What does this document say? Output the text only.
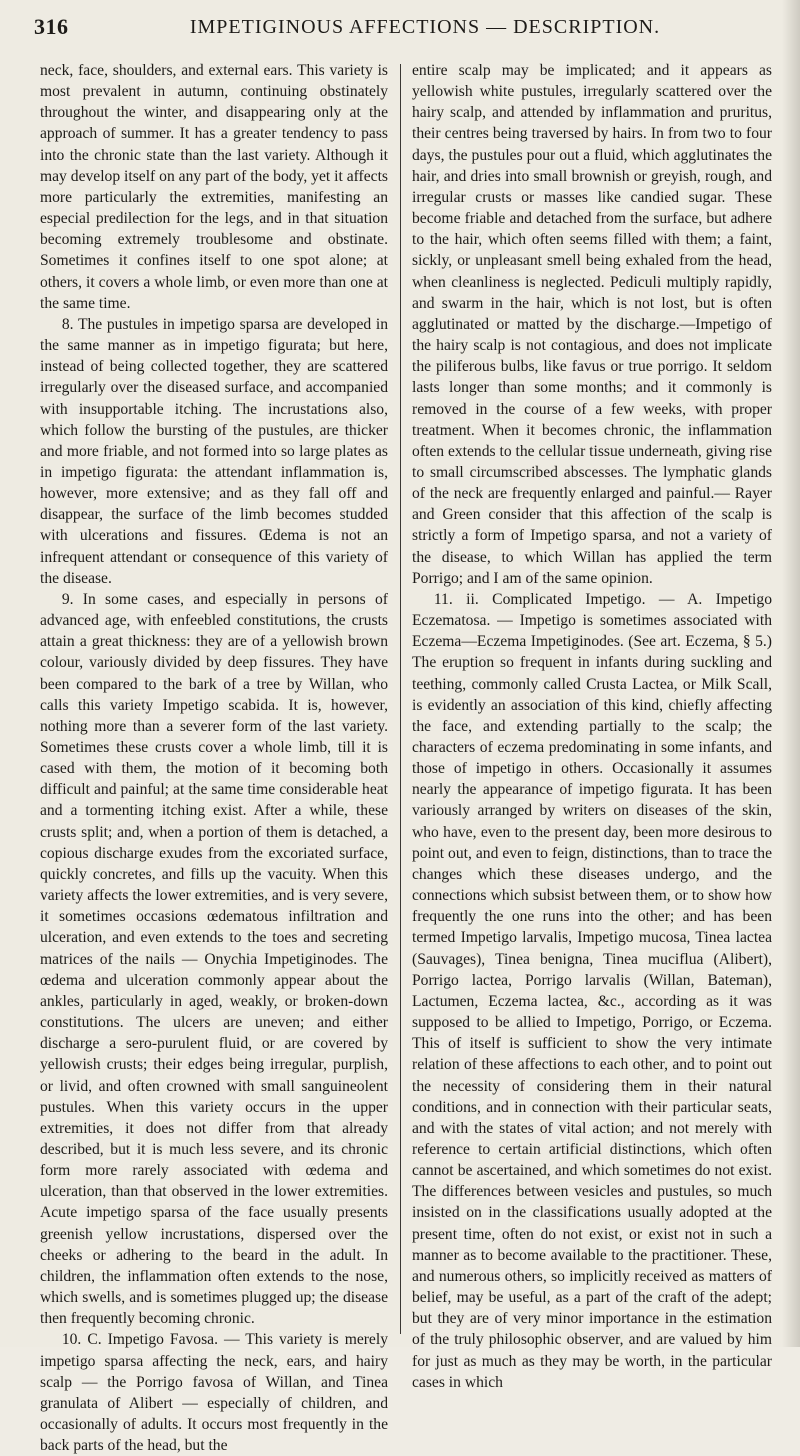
316	IMPETIGINOUS AFFECTIONS — DESCRIPTION.

neck, face, shoulders, and external ears. This variety is most prevalent in autumn, continuing obstinately throughout the winter, and disappearing only at the approach of summer. It has a greater tendency to pass into the chronic state than the last variety. Although it may develop itself on any part of the body, yet it affects more particularly the extremities, manifesting an especial predilection for the legs, and in that situation becoming extremely troublesome and obstinate. Sometimes it confines itself to one spot alone; at others, it covers a whole limb, or even more than one at the same time.

8. The pustules in impetigo sparsa are developed in the same manner as in impetigo figurata; but here, instead of being collected together, they are scattered irregularly over the diseased surface, and accompanied with insupportable itching. The incrustations also, which follow the bursting of the pustules, are thicker and more friable, and not formed into so large plates as in impetigo figurata: the attendant inflammation is, however, more extensive; and as they fall off and disappear, the surface of the limb becomes studded with ulcerations and fissures. Œdema is not an infrequent attendant or consequence of this variety of the disease.

9. In some cases, and especially in persons of advanced age, with enfeebled constitutions, the crusts attain a great thickness: they are of a yellowish brown colour, variously divided by deep fissures. They have been compared to the bark of a tree by Willan, who calls this variety Impetigo scabida. It is, however, nothing more than a severer form of the last variety. Sometimes these crusts cover a whole limb, till it is cased with them, the motion of it becoming both difficult and painful; at the same time considerable heat and a tormenting itching exist. After a while, these crusts split; and, when a portion of them is detached, a copious discharge exudes from the excoriated surface, quickly concretes, and fills up the vacuity. When this variety affects the lower extremities, and is very severe, it sometimes occasions œdematous infiltration and ulceration, and even extends to the toes and secreting matrices of the nails — Onychia Impetiginodes. The œdema and ulceration commonly appear about the ankles, particularly in aged, weakly, or broken-down constitutions. The ulcers are uneven; and either discharge a sero-purulent fluid, or are covered by yellowish crusts; their edges being irregular, purplish, or livid, and often crowned with small sanguineolent pustules. When this variety occurs in the upper extremities, it does not differ from that already described, but it is much less severe, and its chronic form more rarely associated with œdema and ulceration, than that observed in the lower extremities. Acute impetigo sparsa of the face usually presents greenish yellow incrustations, dispersed over the cheeks or adhering to the beard in the adult. In children, the inflammation often extends to the nose, which swells, and is sometimes plugged up; the disease then frequently becoming chronic.

10. C. Impetigo Favosa. — This variety is merely impetigo sparsa affecting the neck, ears, and hairy scalp — the Porrigo favosa of Willan, and Tinea granulata of Alibert — especially of children, and occasionally of adults. It occurs most frequently in the back parts of the head, but the

entire scalp may be implicated; and it appears as yellowish white pustules, irregularly scattered over the hairy scalp, and attended by inflammation and pruritus, their centres being traversed by hairs. In from two to four days, the pustules pour out a fluid, which agglutinates the hair, and dries into small brownish or greyish, rough, and irregular crusts or masses like candied sugar. These become friable and detached from the surface, but adhere to the hair, which often seems filled with them; a faint, sickly, or unpleasant smell being exhaled from the head, when cleanliness is neglected. Pediculi multiply rapidly, and swarm in the hair, which is not lost, but is often agglutinated or matted by the discharge.—Impetigo of the hairy scalp is not contagious, and does not implicate the piliferous bulbs, like favus or true porrigo. It seldom lasts longer than some months; and it commonly is removed in the course of a few weeks, with proper treatment. When it becomes chronic, the inflammation often extends to the cellular tissue underneath, giving rise to small circumscribed abscesses. The lymphatic glands of the neck are frequently enlarged and painful.— Rayer and Green consider that this affection of the scalp is strictly a form of Impetigo sparsa, and not a variety of the disease, to which Willan has applied the term Porrigo; and I am of the same opinion.

11. ii. Complicated Impetigo. — A. Impetigo Eczematosa. — Impetigo is sometimes associated with Eczema—Eczema Impetiginodes. (See art. Eczema, § 5.) The eruption so frequent in infants during suckling and teething, commonly called Crusta Lactea, or Milk Scall, is evidently an association of this kind, chiefly affecting the face, and extending partially to the scalp; the characters of eczema predominating in some infants, and those of impetigo in others. Occasionally it assumes nearly the appearance of impetigo figurata. It has been variously arranged by writers on diseases of the skin, who have, even to the present day, been more desirous to point out, and even to feign, distinctions, than to trace the changes which these diseases undergo, and the connections which subsist between them, or to show how frequently the one runs into the other; and has been termed Impetigo larvalis, Impetigo mucosa, Tinea lactea (Sauvages), Tinea benigna, Tinea muciflua (Alibert), Porrigo lactea, Porrigo larvalis (Willan, Bateman), Lactumen, Eczema lactea, &c., according as it was supposed to be allied to Impetigo, Porrigo, or Eczema. This of itself is sufficient to show the very intimate relation of these affections to each other, and to point out the necessity of considering them in their natural conditions, and in connection with their particular seats, and with the states of vital action; and not merely with reference to certain artificial distinctions, which often cannot be ascertained, and which sometimes do not exist. The differences between vesicles and pustules, so much insisted on in the classifications usually adopted at the present time, often do not exist, or exist not in such a manner as to become available to the practitioner. These, and numerous others, so implicitly received as matters of belief, may be useful, as a part of the craft of the adept; but they are of very minor importance in the estimation of the truly philosophic observer, and are valued by him for just as much as they may be worth, in the particular cases in which
